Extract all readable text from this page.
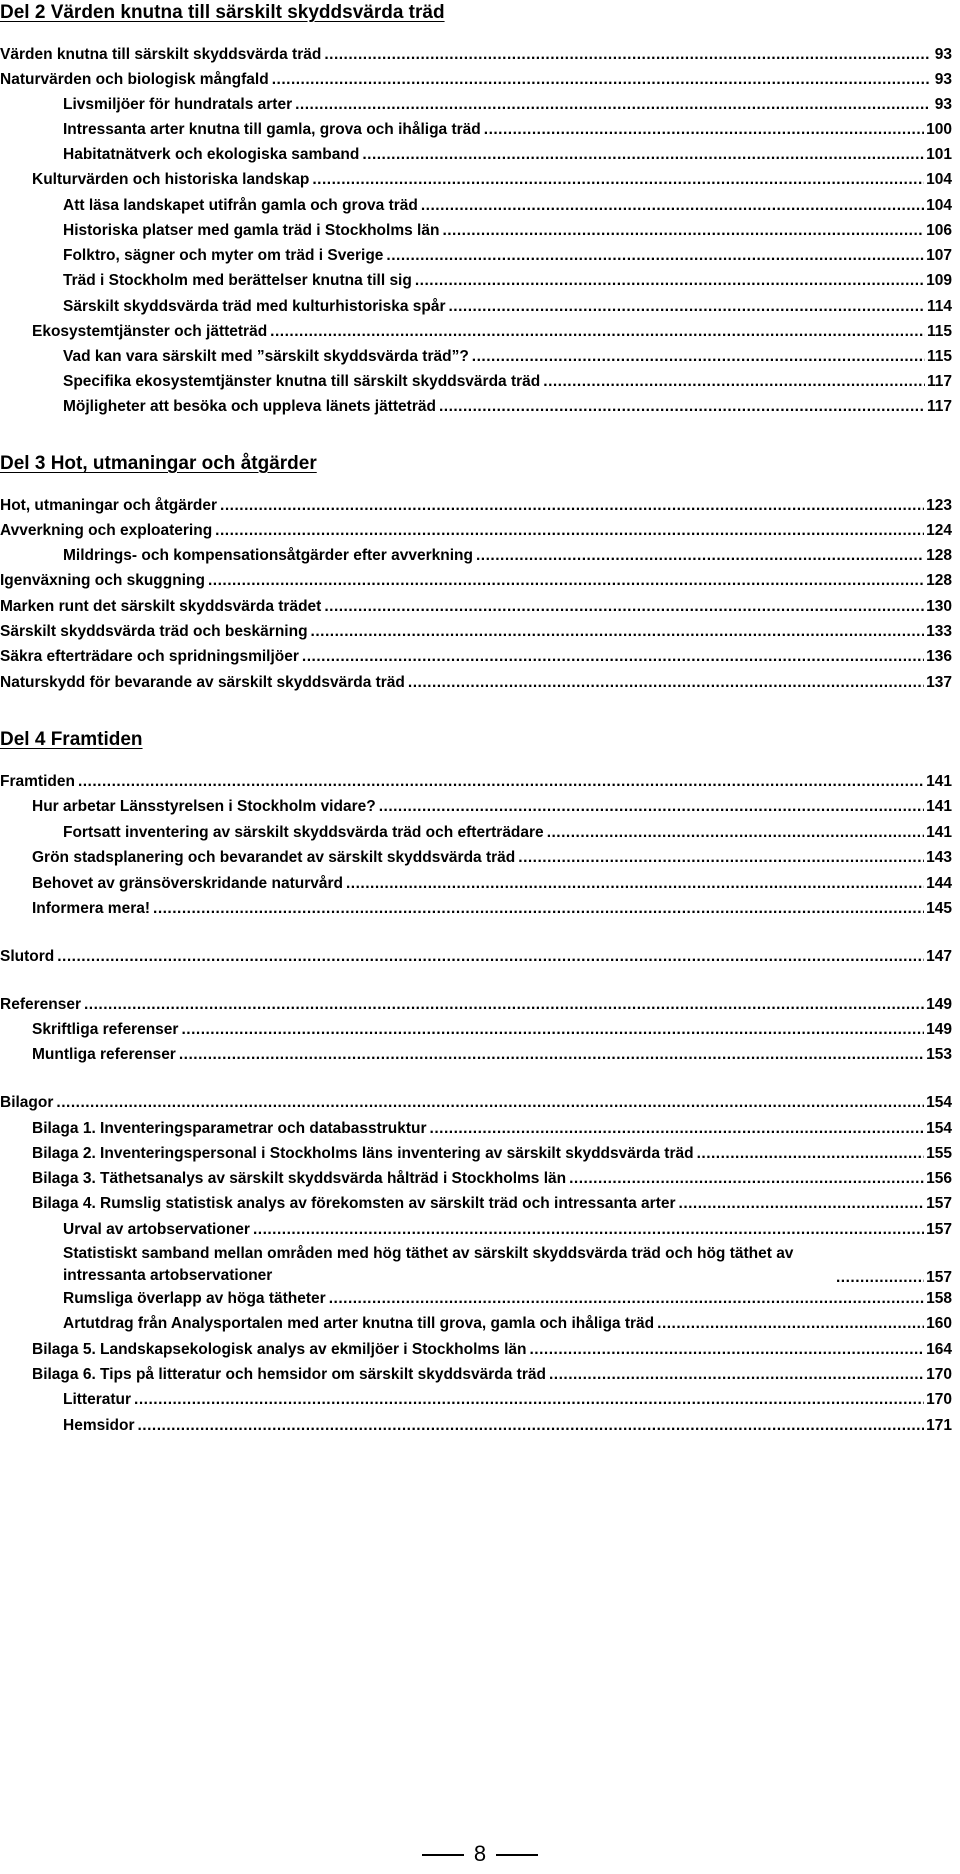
Del 2 Värden knutna till särskilt skyddsvärda träd
Värden knutna till särskilt skyddsvärda träd .....	93
Naturvärden och biologisk mångfald .....	93
Livsmiljöer för hundratals arter .....	93
Intressanta arter knutna till gamla, grova och ihåliga träd .....	100
Habitatnätverk och ekologiska samband .....	101
Kulturvärden och historiska landskap .....	104
Att läsa landskapet utifrån gamla och grova träd .....	104
Historiska platser med gamla träd i Stockholms län .....	106
Folktro, sägner och myter om träd i Sverige .....	107
Träd i Stockholm med berättelser knutna till sig .....	109
Särskilt skyddsvärda träd med kulturhistoriska spår .....	114
Ekosystemtjänster och jätteträd .....	115
Vad kan vara särskilt med ”särskilt skyddsvärda träd”? .....	115
Specifika ekosystemtjänster knutna till särskilt skyddsvärda träd .....	117
Möjligheter att besöka och uppleva länets jätteträd .....	117
Del 3 Hot, utmaningar och åtgärder
Hot, utmaningar och åtgärder .....	123
Avverkning och exploatering .....	124
Mildrings- och kompensationsåtgärder efter avverkning .....	128
Igenväxning och skuggning .....	128
Marken runt det särskilt skyddsvärda trädet .....	130
Särskilt skyddsvärda träd och beskärning .....	133
Säkra efterträdare och spridningsmiljöer .....	136
Naturskydd för bevarande av särskilt skyddsvärda träd .....	137
Del 4 Framtiden
Framtiden .....	141
Hur arbetar Länsstyrelsen i Stockholm vidare? .....	141
Fortsatt inventering av särskilt skyddsvärda träd och efterträdare .....	141
Grön stadsplanering och bevarandet av särskilt skyddsvärda träd .....	143
Behovet av gränsöverskridande naturvård .....	144
Informera mera! .....	145
Slutord .....	147
Referenser .....	149
Skriftliga referenser .....	149
Muntliga referenser .....	153
Bilagor .....	154
Bilaga 1. Inventeringsparametrar och databasstruktur .....	154
Bilaga 2. Inventeringspersonal i Stockholms läns inventering av särskilt skyddsvärda träd .....	155
Bilaga 3. Täthetsanalys av särskilt skyddsvärda hålträd i Stockholms län .....	156
Bilaga 4. Rumslig statistisk analys av förekomsten av särskilt träd och intressanta arter .....	157
Urval av artobservationer .....	157
Statistiskt samband mellan områden med hög täthet av särskilt skyddsvärda träd och hög täthet av intressanta artobservationer .....	157
Rumsliga överlapp av höga tätheter .....	158
Artutdrag från Analysportalen med arter knutna till grova, gamla och ihåliga träd .....	160
Bilaga 5. Landskapsekologisk analys av ekmiljöer i Stockholms län .....	164
Bilaga 6. Tips på litteratur och hemsidor om särskilt skyddsvärda träd .....	170
Litteratur .....	170
Hemsidor .....	171
8
